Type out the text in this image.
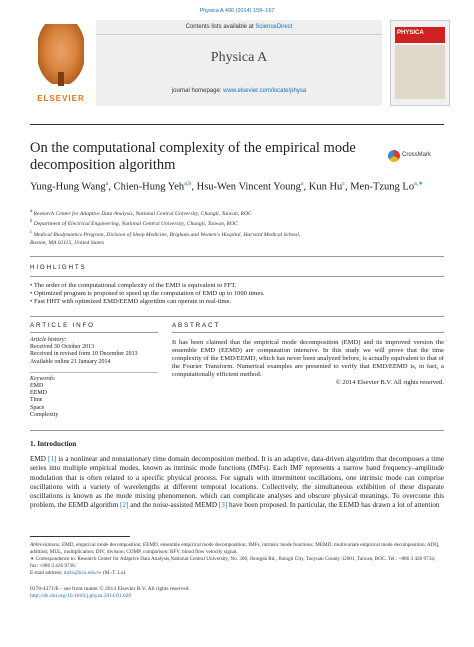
Physica A 400 (2014) 159–167
ELSEVIER
Contents lists available at ScienceDirect
Physica A
journal homepage: www.elsevier.com/locate/physa
PHYSICA
On the computational complexity of the empirical mode decomposition algorithm
CrossMark
Yung-Hung Wang$^a$, Chien-Hung Yeh$^{a,b}$, Hsu-Wen Vincent Young$^a$, Kun Hu$^c$, Men-Tzung $Lo^{a,∗}$
$^a$ Research Center for Adaptive Data Analysis, National Central University, Chungli, Taiwan, ROC
$^b$ Department of Electrical Engineering, National Central University, Chungli, Taiwan, ROC
$^c$ Medical Biodynamics Program, Division of Sleep Medicine, Brigham and Women's Hospital, Harvard Medical School,
Boston, MA 02115, United States
HIGHLIGHTS
• The order of the computational complexity of the EMD is equivalent to FFT.
• Optimized program is proposed to speed up the computation of EMD up to 1000 times.
• Fast HHT with optimized EMD/EEMD algorithm can operate in real-time.
ARTICLE INFO	ABSTRACT
Article history:
Received 30 October 2013
Received in revised form 10 December 2013
Available online 21 January 2014
Keywords:
EMD
EEMD
Time
Space
Complexity
It has been claimed that the empirical mode decomposition (EMD) and its improved version the ensemble EMD (EEMD) are computation intensive. In this study we will prove that the time complexity of the EMD/EEMD, which has never been analyzed before, is actually equivalent to that of the Fourier Transform. Numerical examples are presented to verify that EMD/EEMD is, in fact, a computationally efficient method.
© 2014 Elsevier B.V. All rights reserved.
1. Introduction
EMD [1] is a nonlinear and nonstationary time domain decomposition method. It is an adaptive, data-driven algorithm that decomposes a time series into multiple empirical modes, known as intrinsic mode functions (IMFs). Each IMF represents a narrow band frequency–amplitude modulation that is often related to a specific physical process. For signals with intermittent oscillations, one intrinsic mode can comprise oscillations with a variety of wavelengths at different temporal locations. Collectively, the simultaneous exhibition of these disparate oscillations is known as the mode mixing phenomenon, which can complicate analyses and obscure physical meanings. To overcome this problem, the EEMD algorithm [2] and the noise-assisted MEMD [3] have been proposed. In particular, the EEMD has drawn a lot of attention
Abbreviations: EMD, empirical mode decomposition; EEMD, ensemble empirical mode decomposition; IMFs, intrinsic mode functions; MEMD, multivariate empirical mode decomposition; ADQ, addition; MUL, multiplication; DIV, division; COMP, comparison; BFV, blood flow velocity signal.
∗ Correspondence to: Research Center for Adaptive Data Analysis,National Central University, No. 300, Jhongda Rd., Jhongli City, Taoyuan County 32001, Taiwan, ROC. Tel.: +886 3 426 9734; fax: +886 3 426 9736.
E-mail address: mzlo@ncu.edu.tw (M.-T. Lo).
0378-4371/$ – see front matter © 2014 Elsevier B.V. All rights reserved.
http://dx.doi.org/10.1016/j.physa.2014.01.020
